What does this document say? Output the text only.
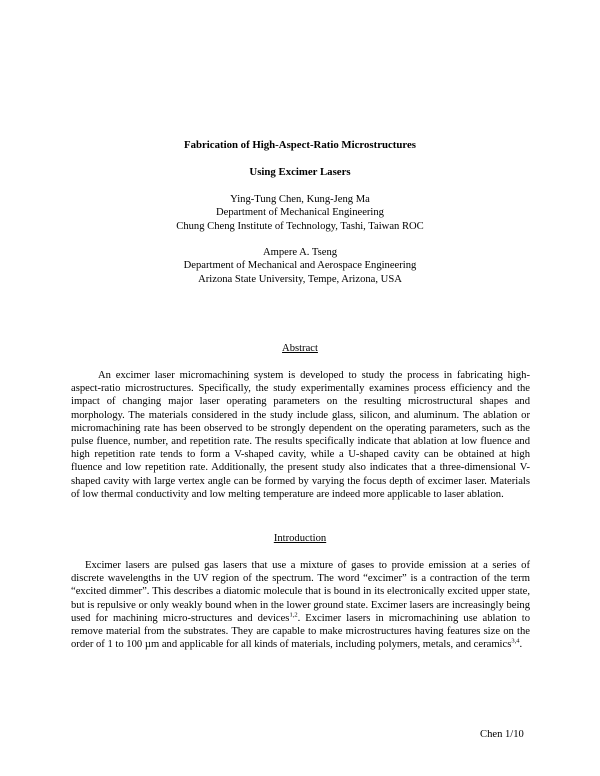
Fabrication of High-Aspect-Ratio Microstructures
Using Excimer Lasers
Ying-Tung Chen, Kung-Jeng Ma
Department of Mechanical Engineering
Chung Cheng Institute of Technology, Tashi, Taiwan ROC
Ampere A. Tseng
Department of Mechanical and Aerospace Engineering
Arizona State University, Tempe, Arizona, USA
Abstract

An excimer laser micromachining system is developed to study the process in fabricating high-aspect-ratio microstructures. Specifically, the study experimentally examines process efficiency and the impact of changing major laser operating parameters on the resulting microstructural shapes and morphology. The materials considered in the study include glass, silicon, and aluminum. The ablation or micromachining rate has been observed to be strongly dependent on the operating parameters, such as the pulse fluence, number, and repetition rate. The results specifically indicate that ablation at low fluence and high repetition rate tends to form a V-shaped cavity, while a U-shaped cavity can be obtained at high fluence and low repetition rate. Additionally, the present study also indicates that a three-dimensional V-shaped cavity with large vertex angle can be formed by varying the focus depth of excimer laser. Materials of low thermal conductivity and low melting temperature are indeed more applicable to laser ablation.

Introduction

Excimer lasers are pulsed gas lasers that use a mixture of gases to provide emission at a series of discrete wavelengths in the UV region of the spectrum. The word “excimer” is a contraction of the term “excited dimmer”. This describes a diatomic molecule that is bound in its electronically excited upper state, but is repulsive or only weakly bound when in the lower ground state. Excimer lasers are increasingly being used for machining micro-structures and devices$^{1,2}$. Excimer lasers in micromachining use ablation to remove material from the substrates. They are capable to make microstructures having features size on the order of 1 to 100 µm and applicable for all kinds of materials, including polymers, metals, and ceramics$^{3,4}$.

Chen 1/10
